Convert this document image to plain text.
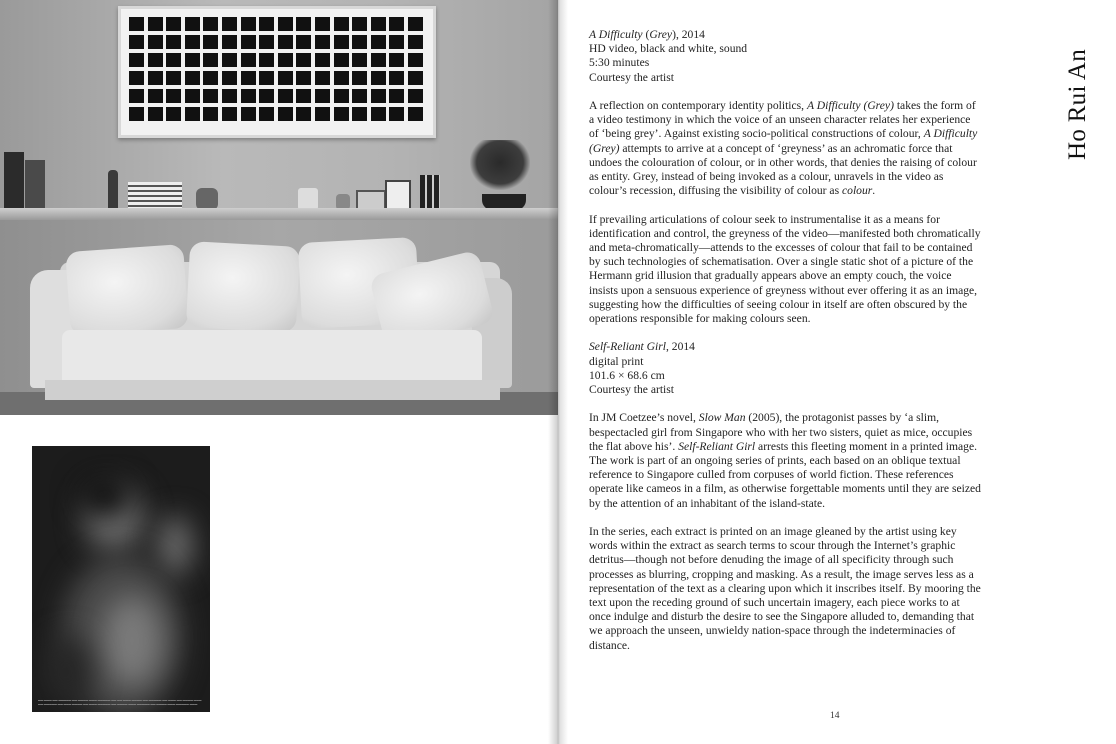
▬▬ ▬▬▬ ▬▬ ▬▬▬▬▬ ▬▬ ▬▬▬▬ ▬▬▬ ▬▬▬▬▬ ▬▬ ▬▬ ▬▬▬ ▬▬▬▬ ▬▬ ▬▬▬▬▬ ▬▬ ▬▬▬ ▬▬ ▬▬▬▬ ▬▬▬ ▬▬ ▬▬▬▬▬ ▬▬ ▬▬▬ ▬▬▬▬ ▬▬ ▬▬▬ ▬▬▬▬▬ ▬▬ ▬▬▬▬ ▬▬▬ ▬▬▬▬▬ ▬▬ ▬▬▬▬ ▬▬▬ ▬▬▬▬▬ ▬▬▬
A Difficulty (Grey), 2014
HD video, black and white, sound
5:30 minutes
Courtesy the artist

A reflection on contemporary identity politics, A Difficulty (Grey) takes the form of a video testimony in which the voice of an unseen character relates her experience of ‘being grey’. Against existing socio-political constructions of colour, A Difficulty (Grey) attempts to arrive at a concept of ‘greyness’ as an achromatic force that undoes the colouration of colour, or in other words, that denies the raising of colour as entity. Grey, instead of being invoked as a colour, unravels in the video as colour’s recession, diffusing the visibility of colour as colour.

If prevailing articulations of colour seek to instrumentalise it as a means for identification and control, the greyness of the video—manifested both chromatically and meta-chromatically—attends to the excesses of colour that fail to be contained by such technologies of schematisation. Over a single static shot of a picture of the Hermann grid illusion that gradually appears above an empty couch, the voice insists upon a sensuous experience of greyness without ever offering it as an image, suggesting how the difficulties of seeing colour in itself are often obscured by the operations responsible for making colours seen.

Self-Reliant Girl, 2014
digital print
101.6 × 68.6 cm
Courtesy the artist

In JM Coetzee’s novel, Slow Man (2005), the protagonist passes by ‘a slim, bespectacled girl from Singapore who with her two sisters, quiet as mice, occupies the flat above his’. Self-Reliant Girl arrests this fleeting moment in a printed image. The work is part of an ongoing series of prints, each based on an oblique textual reference to Singapore culled from corpuses of world fiction. These references operate like cameos in a film, as otherwise forgettable moments until they are seized by the attention of an inhabitant of the island-state.

In the series, each extract is printed on an image gleaned by the artist using key words within the extract as search terms to scour through the Internet’s graphic detritus—though not before denuding the image of all specificity through such processes as blurring, cropping and masking. As a result, the image serves less as a representation of the text as a clearing upon which it inscribes itself. By mooring the text upon the receding ground of such uncertain imagery, each piece works to at once indulge and disturb the desire to see the Singapore alluded to, demanding that we approach the unseen, unwieldy nation-space through the indeterminacies of distance.

Ho Rui An
14
